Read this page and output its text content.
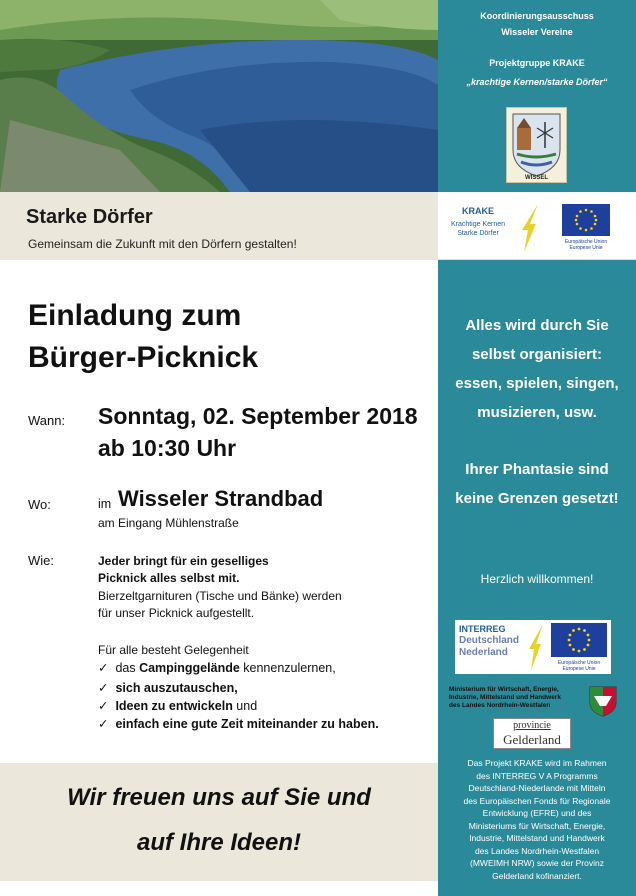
Koordinierungsausschuss
Wisseler Vereine
Projektgruppe KRAKE
„krachtige Kernen/starke Dörfer“
WISSEL
KRAKE
Krachtige Kernen
Starke Dörfer
Europäische Union
Europese Unie
Alles wird durch Sie
selbst organisiert:
essen, spielen, singen,
musizieren, usw.
Ihrer Phantasie sind
keine Grenzen gesetzt!
Herzlich willkommen!
INTERREG
Deutschland
Nederland
Europäische Union
Europese Unie
Ministerium für Wirtschaft, Energie,
Industrie, Mittelstand und Handwerk
des Landes Nordrhein-Westfalen
provincie
Gelderland
Das Projekt KRAKE wird im Rahmen
des INTERREG V A Programms
Deutschland-Niederlande mit Mitteln
des Europäischen Fonds für Regionale
Entwicklung (EFRE) und des
Ministeriums für Wirtschaft, Energie,
Industrie, Mittelstand und Handwerk
des Landes Nordrhein-Westfalen
(MWEIMH NRW) sowie der Provinz
Gelderland kofinanziert.
Starke Dörfer
Gemeinsam die Zukunft mit den Dörfern gestalten!
Einladung zum
Bürger-Picknick
Wann: Sonntag, 02. September 2018
ab 10:30 Uhr
Wo:	im Wisseler Strandbad
am Eingang Mühlenstraße
Wie:	Jeder bringt für ein geselliges
Picknick alles selbst mit.
Bierzeltgarnituren (Tische und Bänke) werden
für unser Picknick aufgestellt.
Für alle besteht Gelegenheit
✓ das Campinggelände kennenzulernen,
✓ sich auszutauschen,
✓ Ideen zu entwickeln und
✓ einfach eine gute Zeit miteinander zu haben.
Wir freuen uns auf Sie und
auf Ihre Ideen!
